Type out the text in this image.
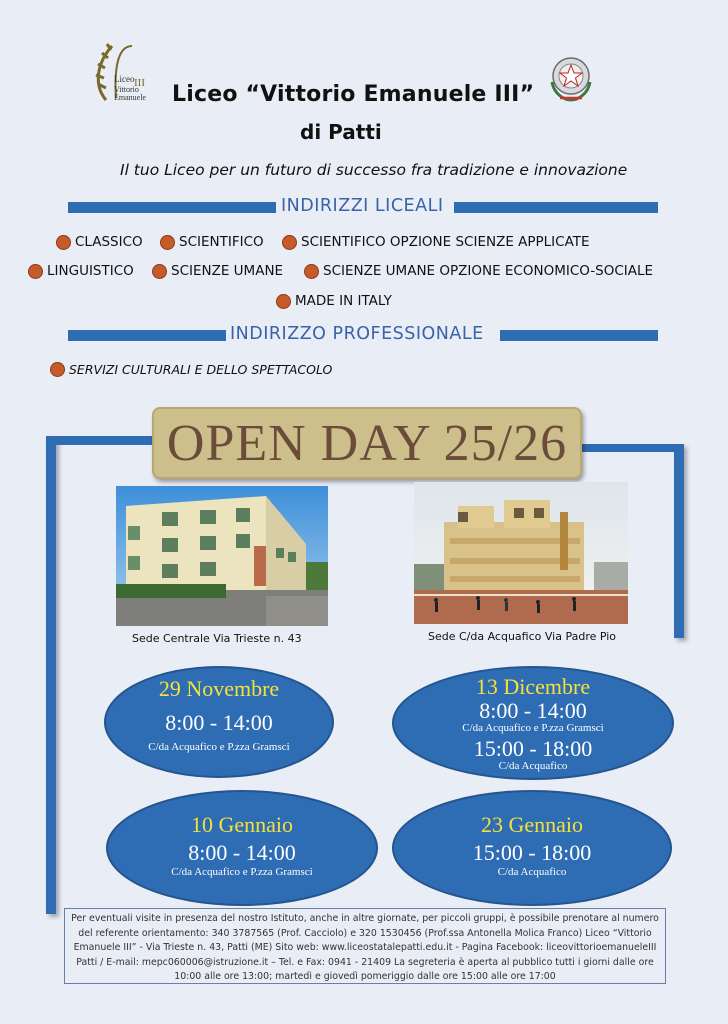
Liceo III
Vittorio
Emanuele Liceo “Vittorio Emanuele III”
di Patti
Il tuo Liceo per un futuro di successo fra tradizione e innovazione
INDIRIZZI LICEALI
CLASSICO	SCIENTIFICO	SCIENTIFICO OPZIONE SCIENZE APPLICATE
LINGUISTICO	SCIENZE UMANE	SCIENZE UMANE OPZIONE ECONOMICO-SOCIALE
MADE IN ITALY
INDIRIZZO PROFESSIONALE
SERVIZI CULTURALI E DELLO SPETTACOLO
OPEN DAY 25/26
Sede Centrale Via Trieste n. 43	Sede C/da Acquafico Via Padre Pio
29 Novembre
8:00 - 14:00
C/da Acquafico e P.zza Gramsci
13 Dicembre
8:00 - 14:00
C/da Acquafico e P.zza Gramsci
15:00 - 18:00
C/da Acquafico
10 Gennaio
8:00 - 14:00
C/da Acquafico e P.zza Gramsci
23 Gennaio
15:00 - 18:00
C/da Acquafico
Per eventuali visite in presenza del nostro Istituto, anche in altre giornate, per piccoli gruppi, è possibile prenotare al numero del referente orientamento: 340 3787565 (Prof. Cacciolo) e 320 1530456 (Prof.ssa Antonella Molica Franco) Liceo “Vittorio Emanuele III” - Via Trieste n. 43, Patti (ME) Sito web: www.liceostatalepatti.edu.it - Pagina Facebook: liceovittorioemanueleIII Patti / E-mail: mepc060006@istruzione.it – Tel. e Fax: 0941 - 21409 La segreteria è aperta al pubblico tutti i giorni dalle ore 10:00 alle ore 13:00; martedì e giovedì pomeriggio dalle ore 15:00 alle ore 17:00
